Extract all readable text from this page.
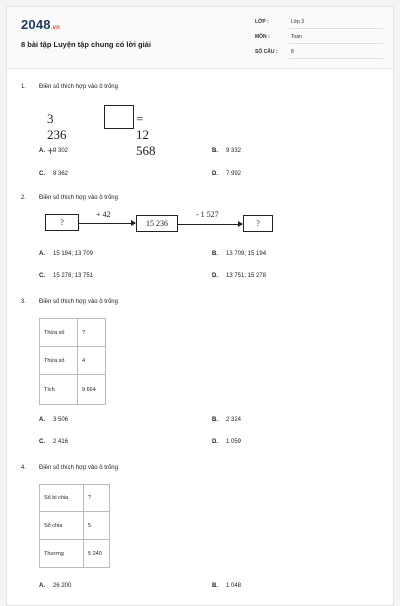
2048.vn
8 bài tập Luyện tập chung có lời giải
LỚP :	Lớp 3
MÔN :	Toán
SỐ CÂU :	8
1. Điền số thích hợp vào ô trống
3 236 +
= 12 568
A. 9 302	B. 9 332
C. 8 362	D. 7 992
2. Điền số thích hợp vào ô trống
?
+ 42
15 236
- 1 527
?
A. 15 194; 13 709	B. 13 709; 15 194
C. 15 278; 13 751	D. 13 751; 15 278
3. Điền số thích hợp vào ô trống
Thừa số	?
Thừa số	4
Tích	9 664
A. 3 506	B. 2 324
C. 2 416	D. 1 059
4. Điền số thích hợp vào ô trống
Số bị chia	?
Số chia	5
Thương	5 240
A. 26 200	B. 1 048
